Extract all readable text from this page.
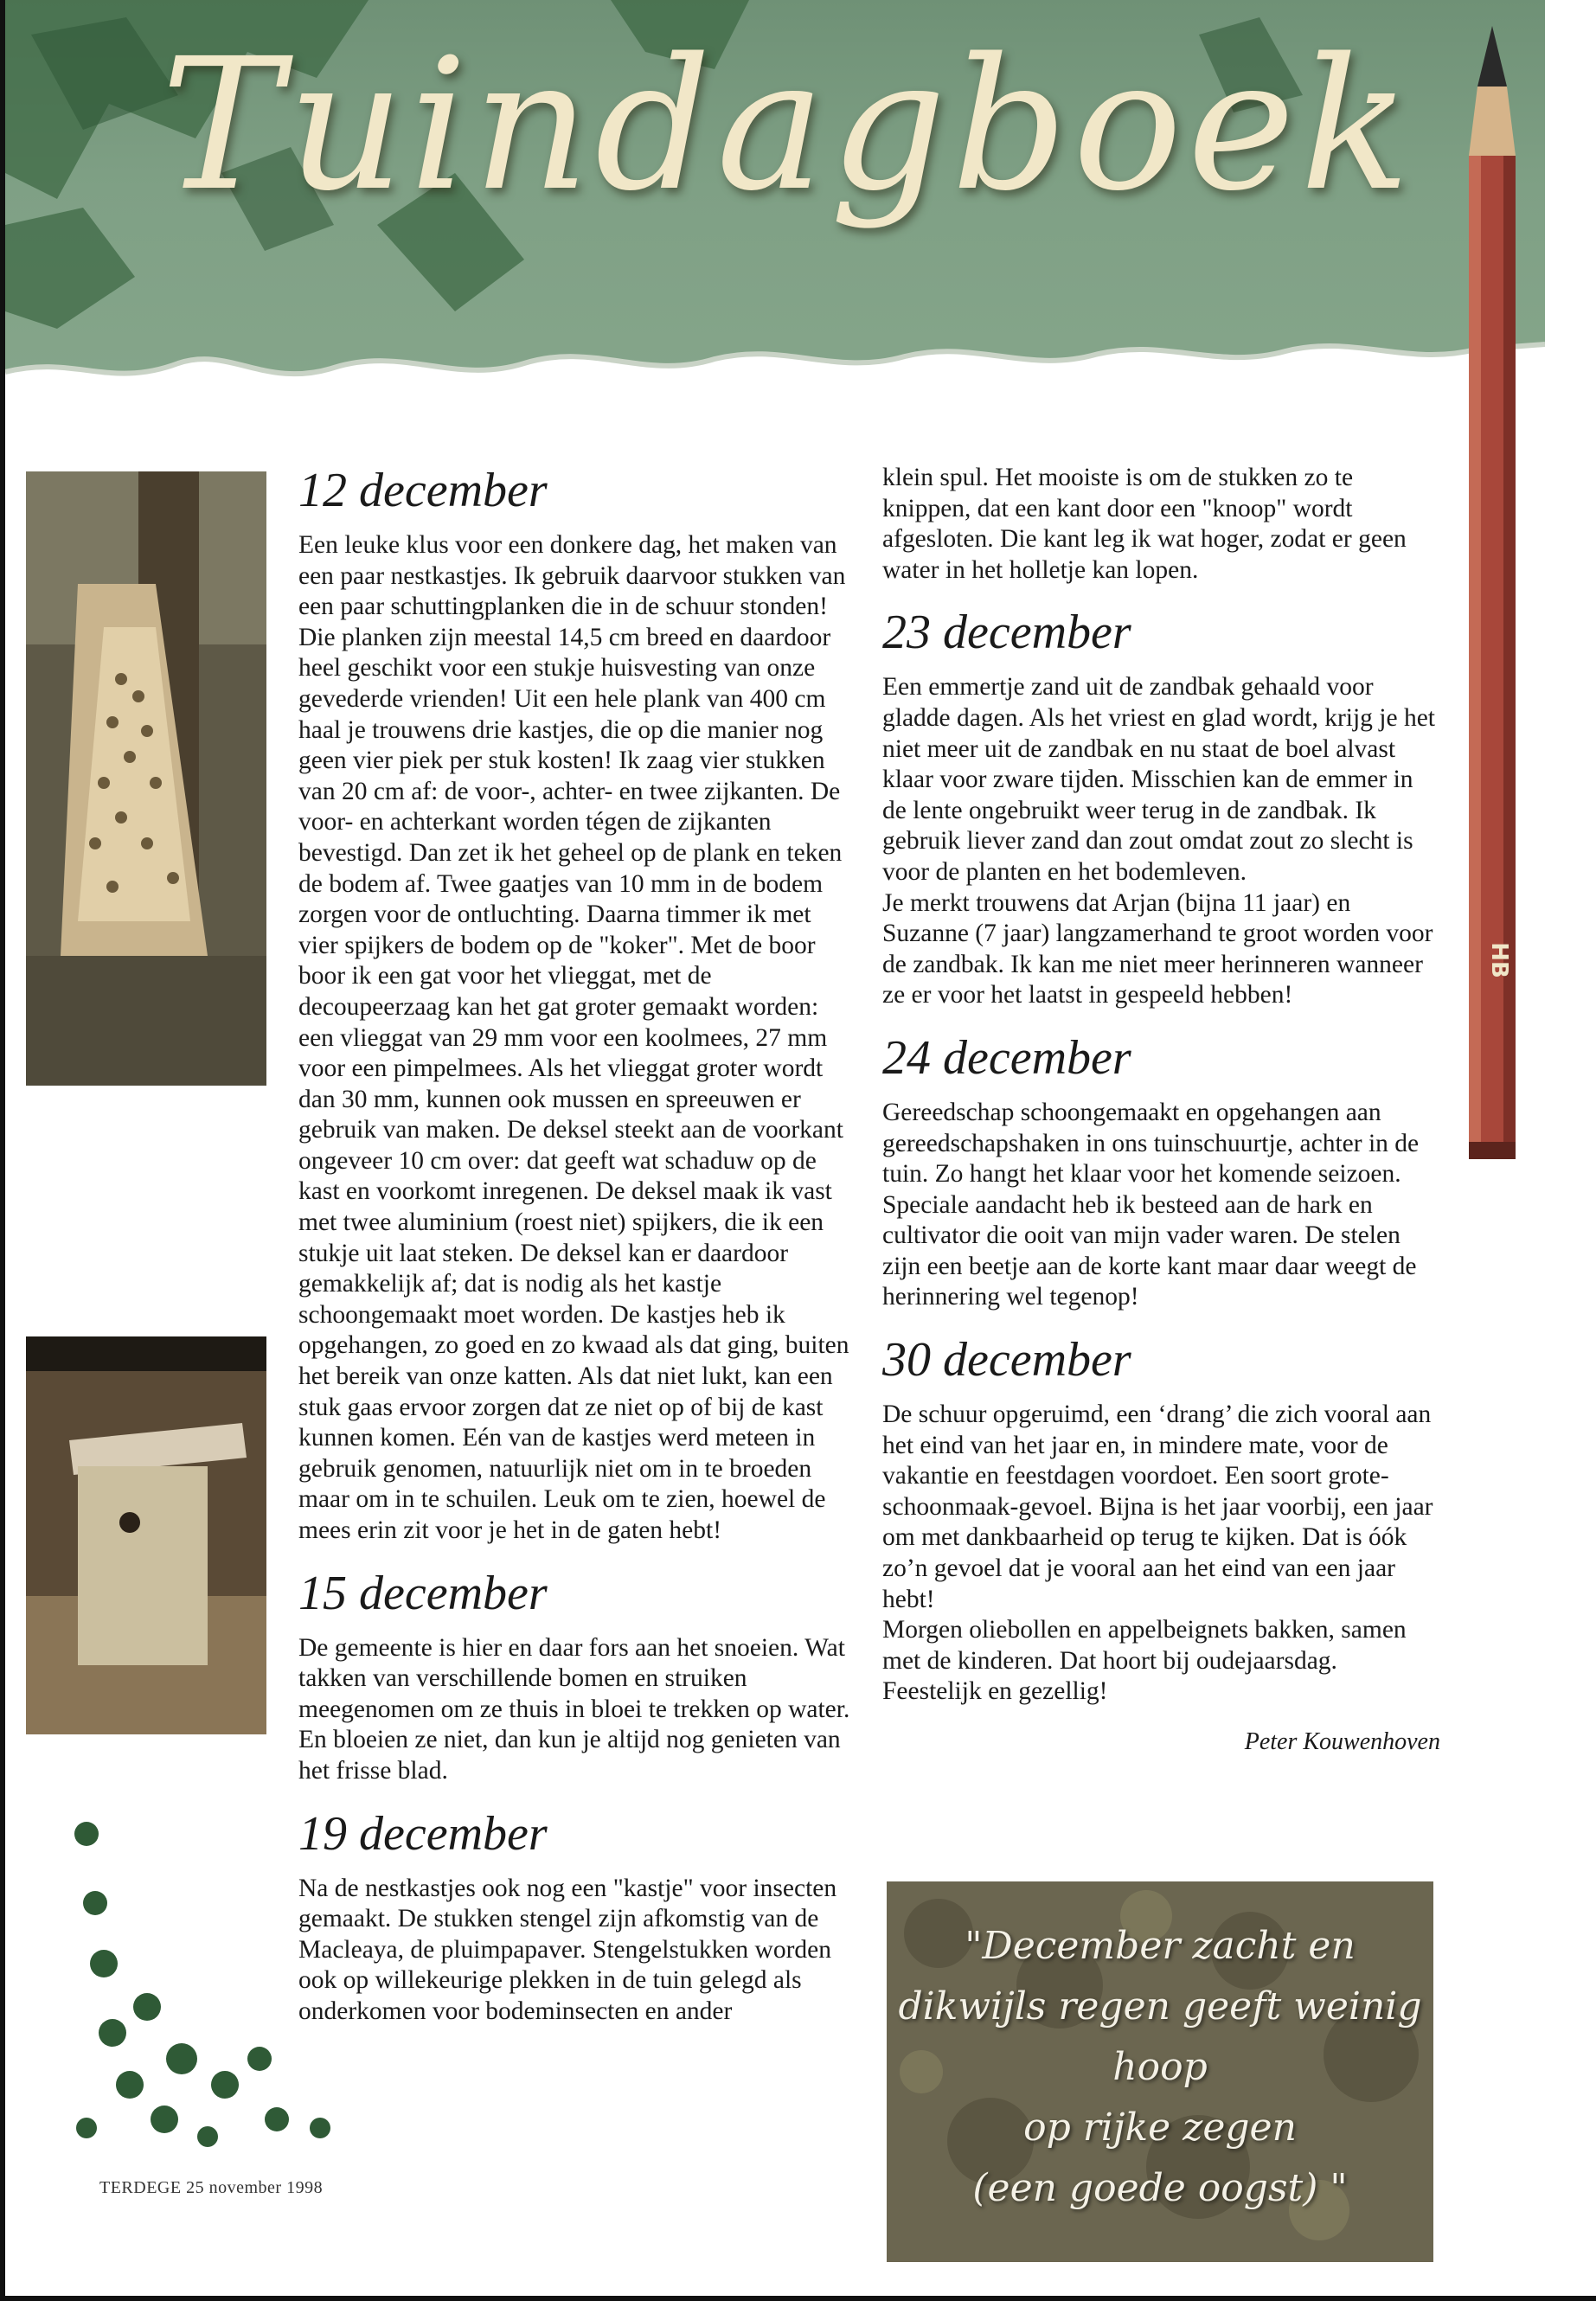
Tuindagboek
HB
12 december

Een leuke klus voor een donkere dag, het maken van een paar nestkastjes. Ik gebruik daarvoor stukken van een paar schuttingplanken die in de schuur stonden! Die planken zijn meestal 14,5 cm breed en daardoor heel geschikt voor een stukje huisvesting van onze gevederde vrienden! Uit een hele plank van 400 cm haal je trouwens drie kastjes, die op die manier nog geen vier piek per stuk kosten! Ik zaag vier stukken van 20 cm af: de voor-, achter- en twee zijkanten. De voor- en achterkant worden tégen de zijkanten bevestigd. Dan zet ik het geheel op de plank en teken de bodem af. Twee gaatjes van 10 mm in de bodem zorgen voor de ontluchting. Daarna timmer ik met vier spijkers de bodem op de "koker". Met de boor boor ik een gat voor het vlieggat, met de decoupeerzaag kan het gat groter gemaakt worden: een vlieggat van 29 mm voor een koolmees, 27 mm voor een pimpelmees. Als het vlieggat groter wordt dan 30 mm, kunnen ook mussen en spreeuwen er gebruik van maken. De deksel steekt aan de voorkant ongeveer 10 cm over: dat geeft wat schaduw op de kast en voorkomt inregenen. De deksel maak ik vast met twee aluminium (roest niet) spijkers, die ik een stukje uit laat steken. De deksel kan er daardoor gemakkelijk af; dat is nodig als het kastje schoongemaakt moet worden. De kastjes heb ik opgehangen, zo goed en zo kwaad als dat ging, buiten het bereik van onze katten. Als dat niet lukt, kan een stuk gaas ervoor zorgen dat ze niet op of bij de kast kunnen komen. Eén van de kastjes werd meteen in gebruik genomen, natuurlijk niet om in te broeden maar om in te schuilen. Leuk om te zien, hoewel de mees erin zit voor je het in de gaten hebt!

15 december

De gemeente is hier en daar fors aan het snoeien. Wat takken van verschillende bomen en struiken meegenomen om ze thuis in bloei te trekken op water. En bloeien ze niet, dan kun je altijd nog genieten van het frisse blad.

19 december

Na de nestkastjes ook nog een "kastje" voor insecten gemaakt. De stukken stengel zijn afkomstig van de Macleaya, de pluimpapaver. Stengelstukken worden ook op willekeurige plekken in de tuin gelegd als onderkomen voor bodeminsecten en ander

klein spul. Het mooiste is om de stukken zo te knippen, dat een kant door een "knoop" wordt afgesloten. Die kant leg ik wat hoger, zodat er geen water in het holletje kan lopen.

23 december

Een emmertje zand uit de zandbak gehaald voor gladde dagen. Als het vriest en glad wordt, krijg je het niet meer uit de zandbak en nu staat de boel alvast klaar voor zware tijden. Misschien kan de emmer in de lente ongebruikt weer terug in de zandbak. Ik gebruik liever zand dan zout omdat zout zo slecht is voor de planten en het bodemleven.
Je merkt trouwens dat Arjan (bijna 11 jaar) en Suzanne (7 jaar) langzamerhand te groot worden voor de zandbak. Ik kan me niet meer herinneren wanneer ze er voor het laatst in gespeeld hebben!

24 december

Gereedschap schoongemaakt en opgehangen aan gereedschapshaken in ons tuinschuurtje, achter in de tuin. Zo hangt het klaar voor het komende seizoen. Speciale aandacht heb ik besteed aan de hark en cultivator die ooit van mijn vader waren. De stelen zijn een beetje aan de korte kant maar daar weegt de herinnering wel tegenop!

30 december

De schuur opgeruimd, een ‘drang’ die zich vooral aan het eind van het jaar en, in mindere mate, voor de vakantie en feestdagen voordoet. Een soort grote-schoonmaak-gevoel. Bijna is het jaar voorbij, een jaar om met dankbaarheid op terug te kijken. Dat is óók zo’n gevoel dat je vooral aan het eind van een jaar hebt!
Morgen oliebollen en appelbeignets bakken, samen met de kinderen. Dat hoort bij oudejaarsdag. Feestelijk en gezellig!

Peter Kouwenhoven
"December zacht en
dikwijls regen geeft weinig hoop
op rijke zegen
(een goede oogst) "
TERDEGE 25 november 1998
